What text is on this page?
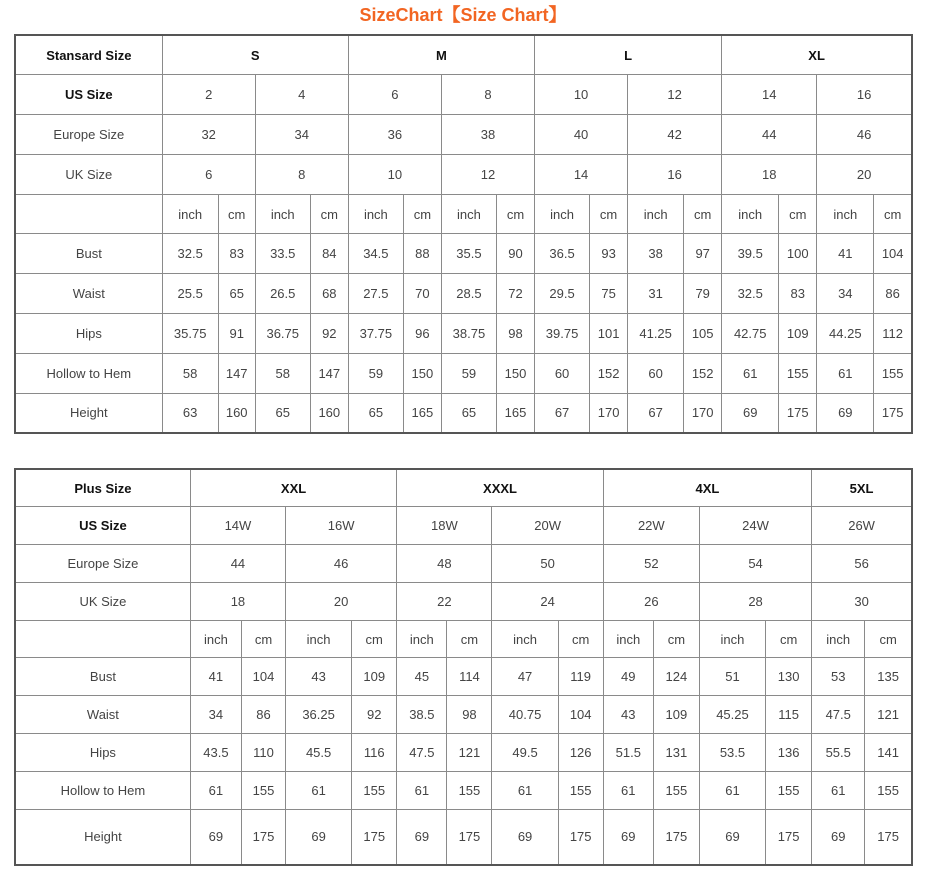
SizeChart【Size Chart】
Stansard Size	S				M				L				XL			
US Size	2		4		6		8		10		12		14		16	
Europe Size	32		34		36		38		40		42		44		46	
UK Size	6		8		10		12		14		16		18		20	
	inch	cm	inch	cm	inch	cm	inch	cm	inch	cm	inch	cm	inch	cm	inch	cm
Bust	32.5	83	33.5	84	34.5	88	35.5	90	36.5	93	38	97	39.5	100	41	104
Waist	25.5	65	26.5	68	27.5	70	28.5	72	29.5	75	31	79	32.5	83	34	86
Hips	35.75	91	36.75	92	37.75	96	38.75	98	39.75	101	41.25	105	42.75	109	44.25	112
Hollow to Hem	58	147	58	147	59	150	59	150	60	152	60	152	61	155	61	155
Height	63	160	65	160	65	165	65	165	67	170	67	170	69	175	69	175
Plus Size	XXL				XXXL				4XL				5XL	
US Size	14W		16W		18W		20W		22W		24W		26W	
Europe Size	44		46		48		50		52		54		56	
UK Size	18		20		22		24		26		28		30	
	inch	cm	inch	cm	inch	cm	inch	cm	inch	cm	inch	cm	inch	cm
Bust	41	104	43	109	45	114	47	119	49	124	51	130	53	135
Waist	34	86	36.25	92	38.5	98	40.75	104	43	109	45.25	115	47.5	121
Hips	43.5	110	45.5	116	47.5	121	49.5	126	51.5	131	53.5	136	55.5	141
Hollow to Hem	61	155	61	155	61	155	61	155	61	155	61	155	61	155
Height	69	175	69	175	69	175	69	175	69	175	69	175	69	175
